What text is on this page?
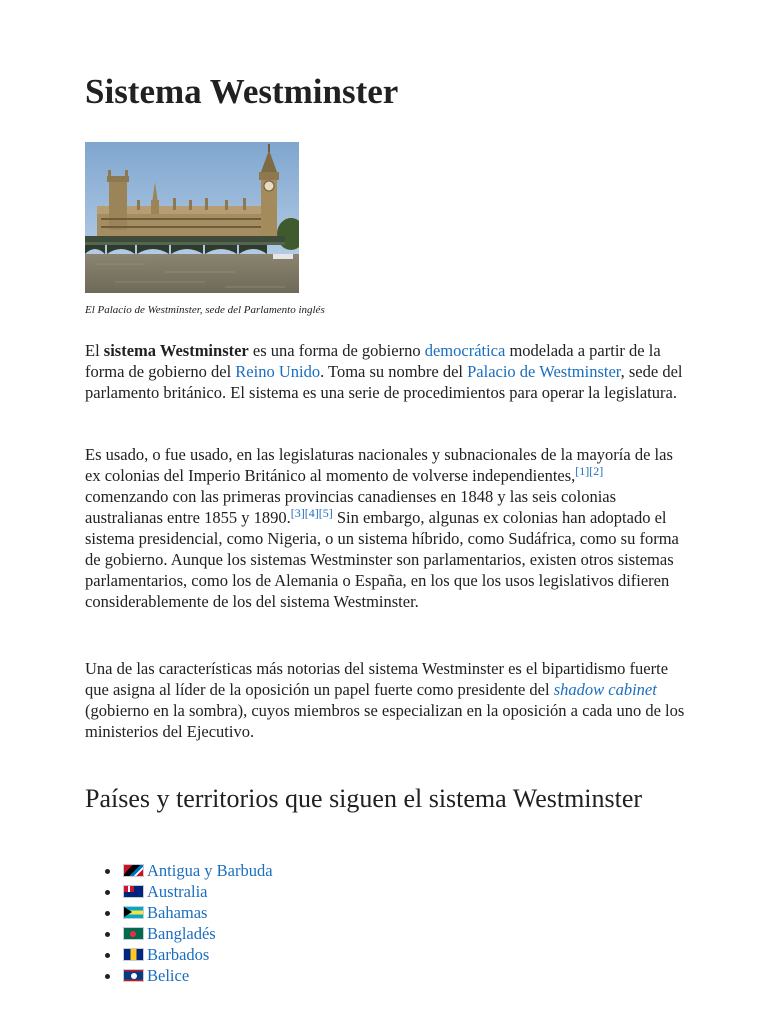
Sistema Westminster

El Palacio de Westminster, sede del Parlamento inglés

El sistema Westminster es una forma de gobierno democrática modelada a partir de la forma de gobierno del Reino Unido. Toma su nombre del Palacio de Westminster, sede del parlamento británico. El sistema es una serie de procedimientos para operar la legislatura.

Es usado, o fue usado, en las legislaturas nacionales y subnacionales de la mayoría de las ex colonias del Imperio Británico al momento de volverse independientes,[1][2] comenzando con las primeras provincias canadienses en 1848 y las seis colonias australianas entre 1855 y 1890.[3][4][5] Sin embargo, algunas ex colonias han adoptado el sistema presidencial, como Nigeria, o un sistema híbrido, como Sudáfrica, como su forma de gobierno. Aunque los sistemas Westminster son parlamentarios, existen otros sistemas parlamentarios, como los de Alemania o España, en los que los usos legislativos difieren considerablemente de los del sistema Westminster.

Una de las características más notorias del sistema Westminster es el bipartidismo fuerte que asigna al líder de la oposición un papel fuerte como presidente del shadow cabinet (gobierno en la sombra), cuyos miembros se especializan en la oposición a cada uno de los ministerios del Ejecutivo.

Países y territorios que siguen el sistema Westminster
Antigua y Barbuda
Australia
Bahamas
Bangladés
Barbados
Belice
